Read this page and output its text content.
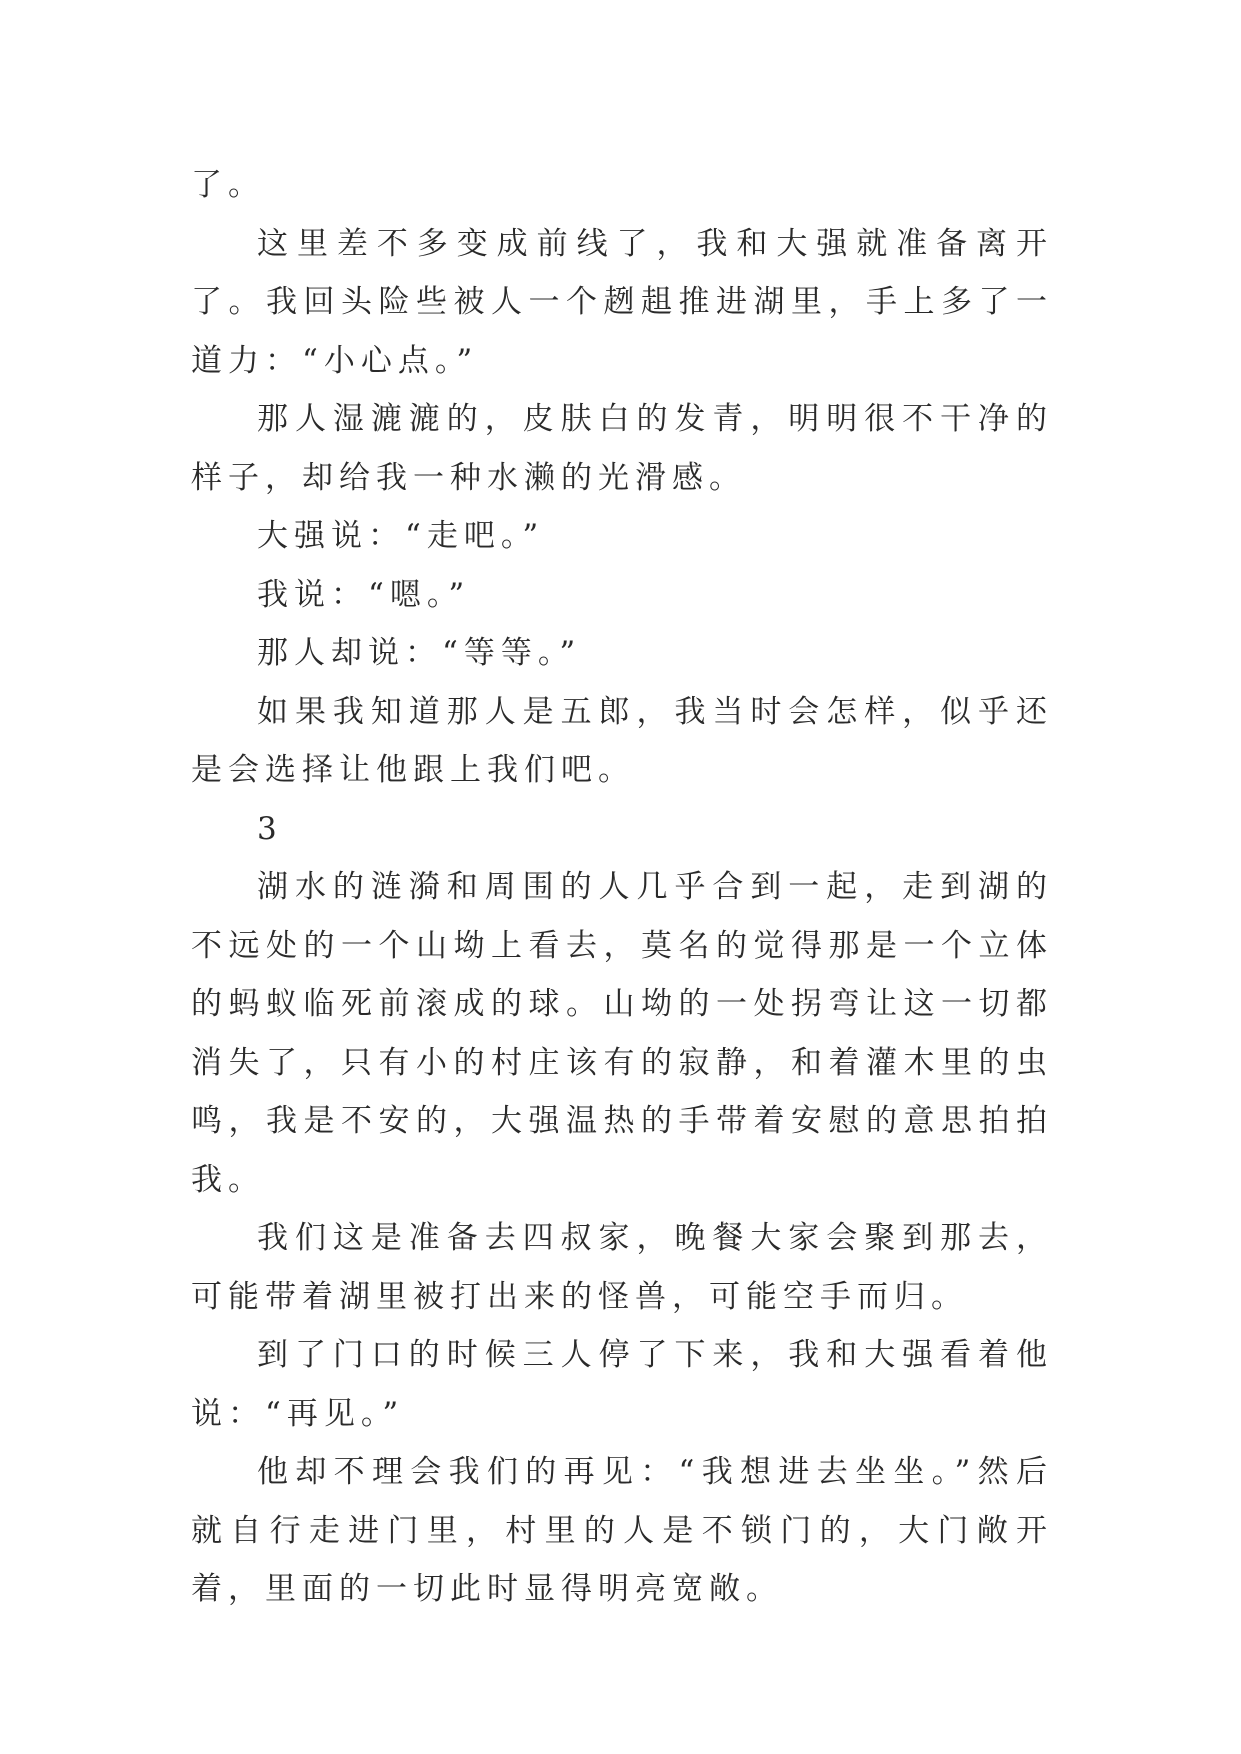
了。

这里差不多变成前线了，我和大强就准备离开了。我回头险些被人一个趔趄推进湖里，手上多了一道力：“小心点。”

那人湿漉漉的，皮肤白的发青，明明很不干净的样子，却给我一种水濑的光滑感。

大强说：“走吧。”

我说：“嗯。”

那人却说：“等等。”

如果我知道那人是五郎，我当时会怎样，似乎还是会选择让他跟上我们吧。

3

湖水的涟漪和周围的人几乎合到一起，走到湖的不远处的一个山坳上看去，莫名的觉得那是一个立体的蚂蚁临死前滚成的球。山坳的一处拐弯让这一切都消失了，只有小的村庄该有的寂静，和着灌木里的虫鸣，我是不安的，大强温热的手带着安慰的意思拍拍我。

我们这是准备去四叔家，晚餐大家会聚到那去，可能带着湖里被打出来的怪兽，可能空手而归。

到了门口的时候三人停了下来，我和大强看着他说：“再见。”

他却不理会我们的再见：“我想进去坐坐。”然后就自行走进门里，村里的人是不锁门的，大门敞开着，里面的一切此时显得明亮宽敞。
